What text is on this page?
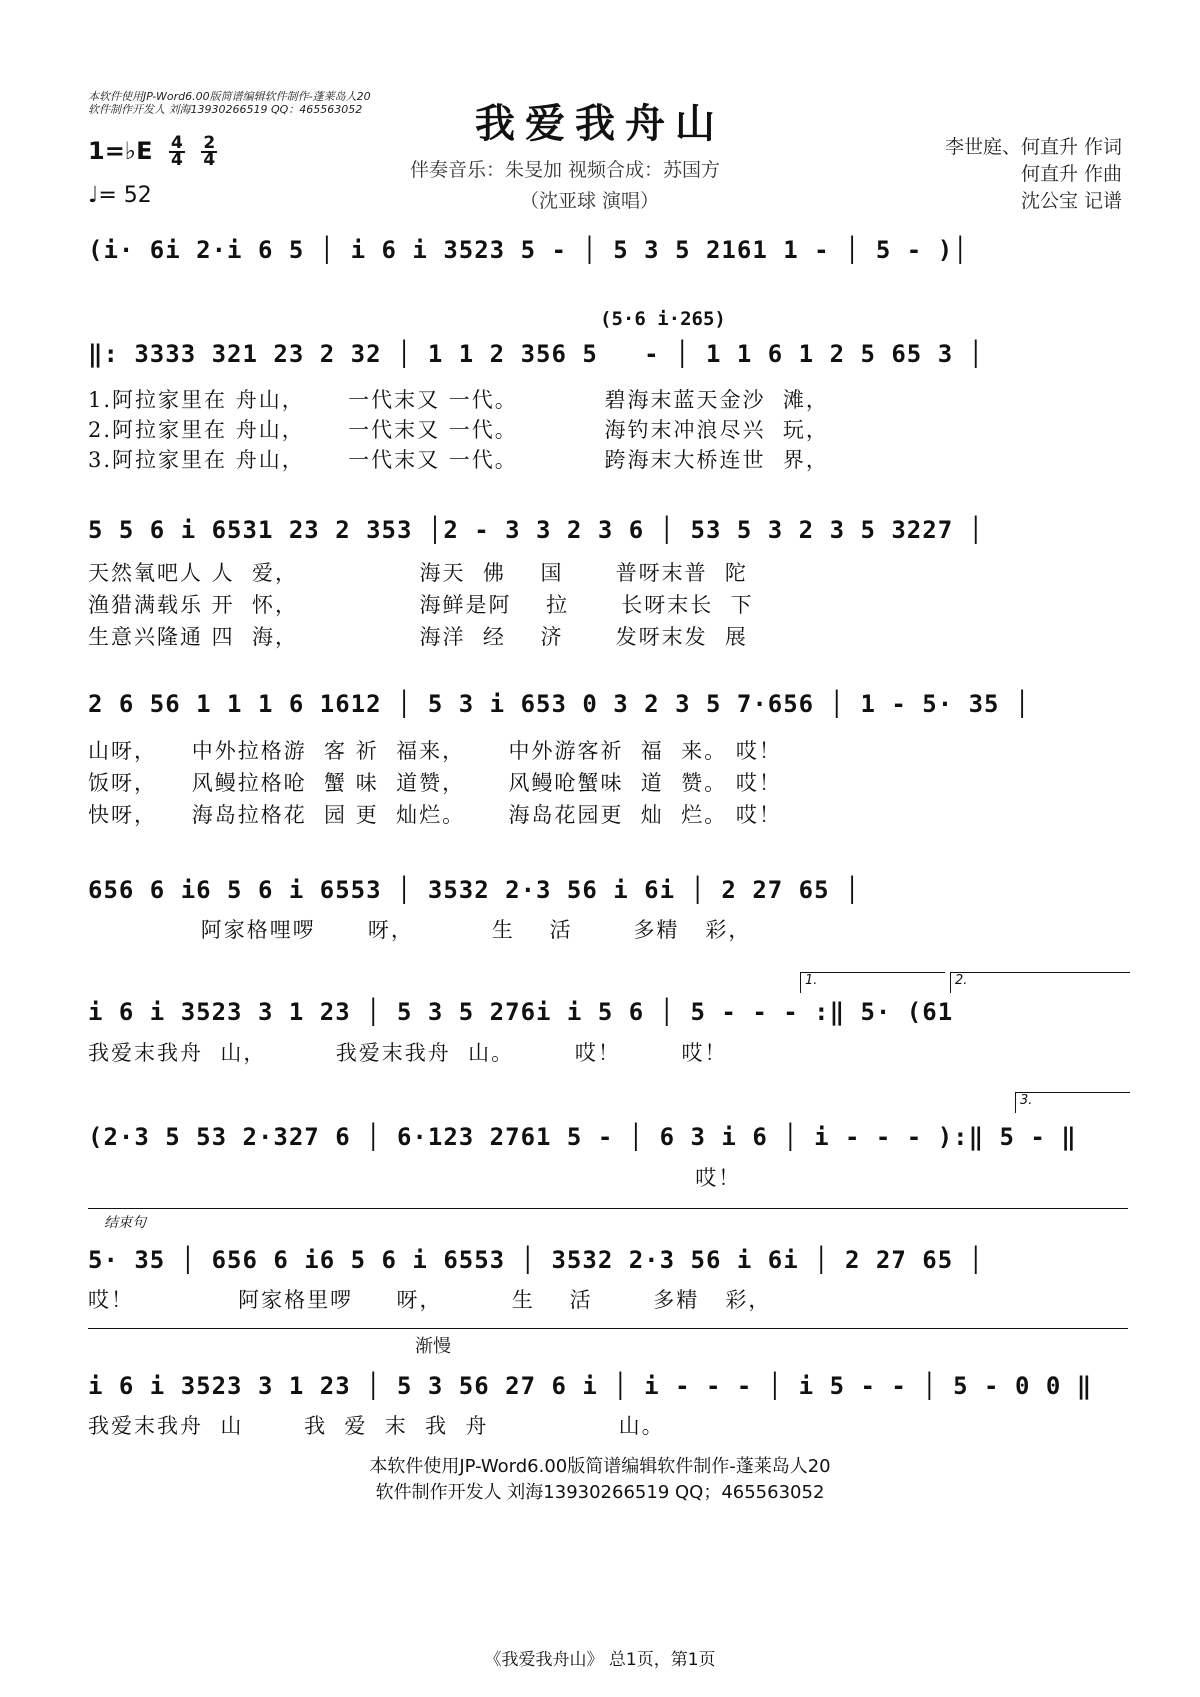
本软件使用JP-Word6.00版简谱编辑软件制作-蓬莱岛人20
软件制作开发人 刘海13930266519 QQ：465563052	我爱我舟山
1=♭E $\frac{4}{4} \frac{2}{4}$
♩= 52
伴奏音乐：朱旻加 视频合成：苏国方
（沈亚球 演唱）
李世庭、何直升 作词
何直升 作曲
沈公宝 记谱
(i· 6i 2·i 6 5 │ i 6 i 3523 5 - │ 5 3 5 2161 1 - │ 5 - )│
(5·6 i·265)
‖: 3333 321 23 2 32 │ 1 1 2 356 5   - │ 1 1 6 1 2 5 65 3 │
1.阿拉家里在 舟山，     一代末又 一代。          碧海末蓝天金沙  滩，
2.阿拉家里在 舟山，     一代末又 一代。          海钓末冲浪尽兴  玩，
3.阿拉家里在 舟山，     一代末又 一代。          跨海末大桥连世  界，
5 5 6 i 6531 23 2 353 │2 - 3 3 2 3 6 │ 53 5 3 2 3 5 3227 │
天然氧吧人 人  爱，              海天  佛    国      普呀末普  陀
渔猎满载乐 开  怀，              海鲜是阿    拉      长呀末长  下
生意兴隆通 四  海，              海洋  经    济      发呀末发  展
2 6 56 1 1 1 6 1612 │ 5 3 i 653 0 3 2 3 5 7·656 │ 1 - 5· 35 │
山呀，    中外拉格游  客 祈  福来，     中外游客祈  福  来。 哎！
饭呀，    风鳗拉格呛  蟹 味  道赞，     风鳗呛蟹味  道  赞。 哎！
快呀，    海岛拉格花  园 更  灿烂。     海岛花园更  灿  烂。 哎！
656 6 i6 5 6 i 6553 │ 3532 2·3 56 i 6i │ 2 27 65 │
阿家格哩啰      呀，         生    活       多精   彩，
1.	2.
i 6 i 3523 3 1 23 │ 5 3 5 276i i 5 6 │ 5 - - - :‖ 5· (61
我爱末我舟  山，        我爱末我舟  山。       哎！       哎！
3.
(2·3 5 53 2·327 6 │ 6·123 2761 5 - │ 6 3 i 6 │ i - - - ):‖ 5 - ‖
哎！
结束句
5· 35 │ 656 6 i6 5 6 i 6553 │ 3532 2·3 56 i 6i │ 2 27 65 │
哎！            阿家格里啰     呀，        生    活       多精   彩，
渐慢
i 6 i 3523 3 1 23 │ 5 3 56 27 6 i │ i - - - │ i 5 - - │ 5 - 0 0 ‖
我爱末我舟  山       我  爱  末  我  舟               山。
本软件使用JP-Word6.00版简谱编辑软件制作-蓬莱岛人20
软件制作开发人 刘海13930266519 QQ；465563052
《我爱我舟山》 总1页，第1页
